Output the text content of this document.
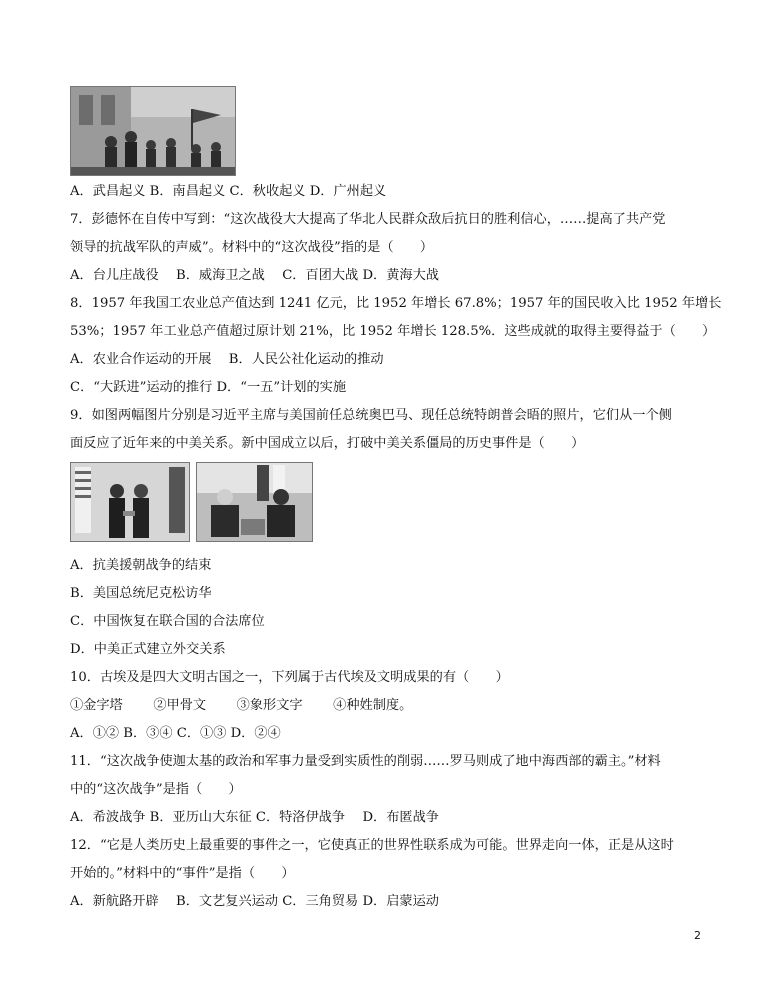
A．武昌起义 B．南昌起义 C．秋收起义 D．广州起义

7．彭德怀在自传中写到：“这次战役大大提高了华北人民群众敌后抗日的胜利信心，……提高了共产党

领导的抗战军队的声威”。材料中的“这次战役”指的是（　　）

A．台儿庄战役　 B．威海卫之战　 C．百团大战 D．黄海大战

8．1957 年我国工农业总产值达到 1241 亿元，比 1952 年增长 67.8%；1957 年的国民收入比 1952 年增长

53%；1957 年工业总产值超过原计划 21%，比 1952 年增长 128.5%．这些成就的取得主要得益于（　　）

A．农业合作运动的开展　 B．人民公社化运动的推动

C．“大跃进”运动的推行 D．“一五”计划的实施

9．如图两幅图片分别是习近平主席与美国前任总统奥巴马、现任总统特朗普会晤的照片，它们从一个侧

面反应了近年来的中美关系。新中国成立以后，打破中美关系僵局的历史事件是（　　）

A．抗美援朝战争的结束

B．美国总统尼克松访华

C．中国恢复在联合国的合法席位

D．中美正式建立外交关系

10．古埃及是四大文明古国之一，下列属于古代埃及文明成果的有（　　）

①金字塔　　 ②甲骨文　　 ③象形文字　　 ④种姓制度。

A．①② B．③④ C．①③ D．②④

11．“这次战争使迦太基的政治和军事力量受到实质性的削弱……罗马则成了地中海西部的霸主。”材料

中的“这次战争”是指（　　）

A．希波战争 B．亚历山大东征 C．特洛伊战争　 D．布匿战争

12．“它是人类历史上最重要的事件之一，它使真正的世界性联系成为可能。世界走向一体，正是从这时

开始的。”材料中的“事件”是指（　　）

A．新航路开辟　 B．文艺复兴运动 C．三角贸易 D．启蒙运动

2
